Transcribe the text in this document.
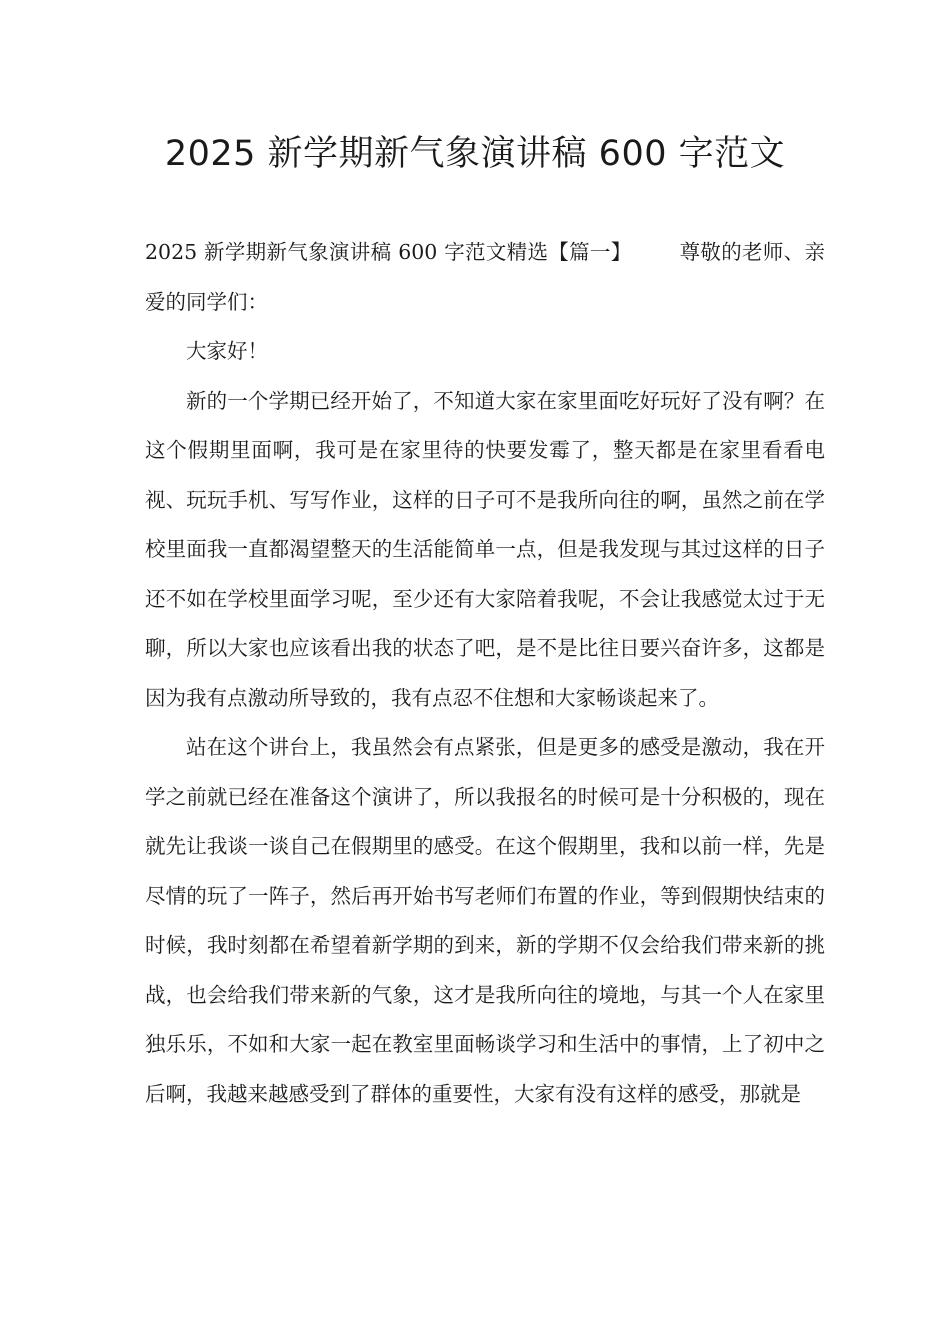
2025 新学期新气象演讲稿 600 字范文

2025 新学期新气象演讲稿 600 字范文精选【篇一】 尊敬的老师、亲爱的同学们：

大家好！

新的一个学期已经开始了，不知道大家在家里面吃好玩好了没有啊？在这个假期里面啊，我可是在家里待的快要发霉了，整天都是在家里看看电视、玩玩手机、写写作业，这样的日子可不是我所向往的啊，虽然之前在学校里面我一直都渴望整天的生活能简单一点，但是我发现与其过这样的日子还不如在学校里面学习呢，至少还有大家陪着我呢，不会让我感觉太过于无聊，所以大家也应该看出我的状态了吧，是不是比往日要兴奋许多，这都是因为我有点激动所导致的，我有点忍不住想和大家畅谈起来了。

站在这个讲台上，我虽然会有点紧张，但是更多的感受是激动，我在开学之前就已经在准备这个演讲了，所以我报名的时候可是十分积极的，现在就先让我谈一谈自己在假期里的感受。在这个假期里，我和以前一样，先是尽情的玩了一阵子，然后再开始书写老师们布置的作业，等到假期快结束的时候，我时刻都在希望着新学期的到来，新的学期不仅会给我们带来新的挑战，也会给我们带来新的气象，这才是我所向往的境地，与其一个人在家里独乐乐，不如和大家一起在教室里面畅谈学习和生活中的事情，上了初中之后啊，我越来越感受到了群体的重要性，大家有没有这样的感受，那就是
